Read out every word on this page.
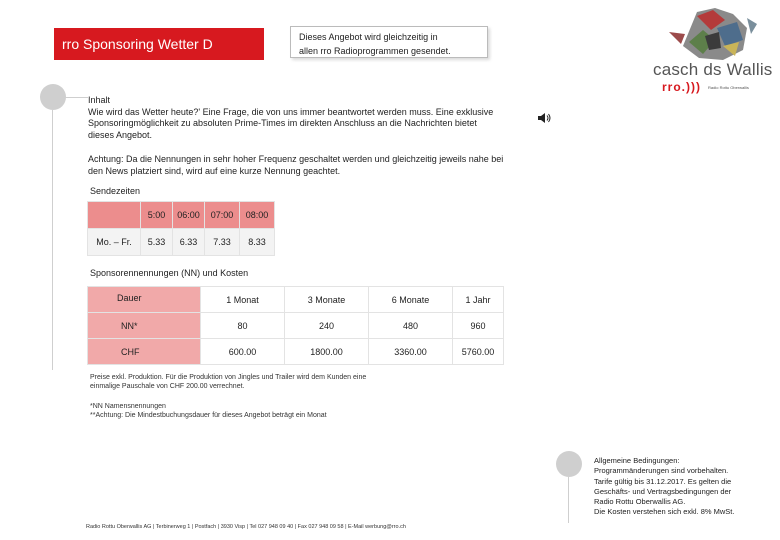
rro Sponsoring Wetter D	Dieses Angebot wird gleichzeitig in
allen rro Radioprogrammen gesendet.
casch ds Wallis
rro.))) Radio Rottu Oberwallis
Inhalt
Wie wird das Wetter heute?' Eine Frage, die von uns immer beantwortet werden muss. Eine exklusive
Sponsoringmöglichkeit zu absoluten Prime-Times im direkten Anschluss an die Nachrichten bietet
dieses Angebot.
Achtung: Da die Nennungen in sehr hoher Frequenz geschaltet werden und gleichzeitig jeweils nahe bei
den News platziert sind, wird auf eine kurze Nennung geachtet.
Sendezeiten
	5:00	06:00	07:00	08:00
Mo. – Fr.	5.33	6.33	7.33	8.33
Sponsorennennungen (NN) und Kosten
Dauer	1 Monat	3 Monate	6 Monate	1 Jahr
NN*	80	240	480	960
CHF	600.00	1800.00	3360.00	5760.00
Preise exkl. Produktion. Für die Produktion von Jingles und Trailer wird dem Kunden eine
einmalige Pauschale von CHF 200.00 verrechnet.
*NN Namensnennungen
**Achtung: Die Mindestbuchungsdauer für dieses Angebot beträgt ein Monat
Allgemeine Bedingungen:
Programmänderungen sind vorbehalten.
Tarife gültig bis 31.12.2017. Es gelten die
Geschäfts- und Vertragsbedingungen der
Radio Rottu Oberwallis AG.
Die Kosten verstehen sich exkl. 8% MwSt.
Radio Rottu Oberwallis AG | Terbinerweg 1 | Postfach | 3930 Visp | Tel 027 948 09 40 | Fax 027 948 09 58 | E-Mail werbung@rro.ch
